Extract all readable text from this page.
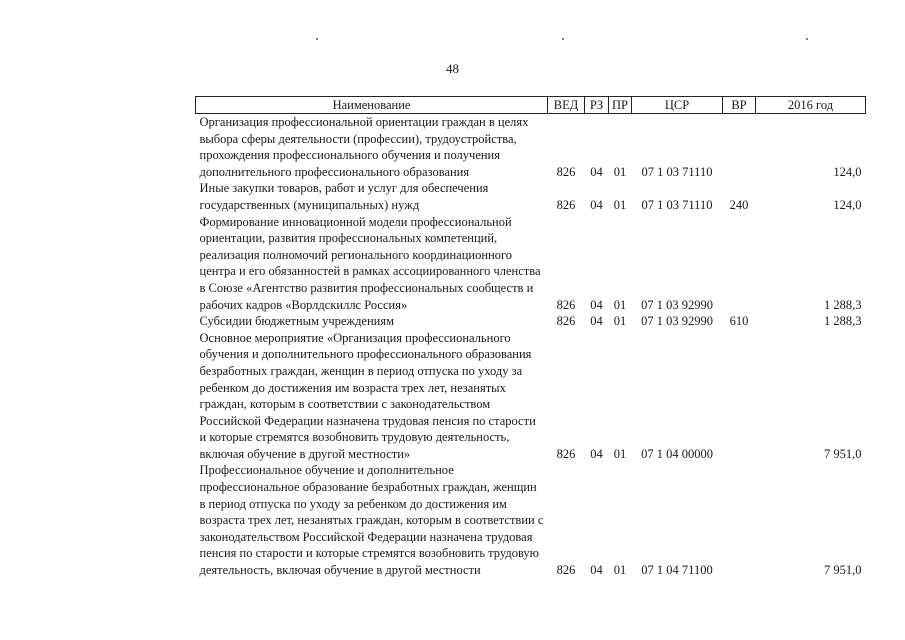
48
Наименование	ВЕД	РЗ	ПР	ЦСР	ВР	2016 год

Организация профессиональной ориентации граждан в целях выбора сферы деятельности (профессии), трудоустройства, прохождения профессионального обучения и получения дополнительного профессионального образования	826	04	01	07 1 03 71110		124,0

Иные закупки товаров, работ и услуг для обеспечения государственных (муниципальных) нужд	826	04	01	07 1 03 71110	240	124,0

Формирование инновационной модели профессиональной ориентации, развития профессиональных компетенций, реализация полномочий регионального координационного центра и его обязанностей в рамках ассоциированного членства в Союзе «Агентство развития профессиональных сообществ и рабочих кадров «Ворлдскиллс Россия»	826	04	01	07 1 03 92990		1 288,3

Субсидии бюджетным учреждениям	826	04	01	07 1 03 92990	610	1 288,3

Основное мероприятие «Организация профессионального обучения и дополнительного профессионального образования безработных граждан, женщин в период отпуска по уходу за ребенком до достижения им возраста трех лет, незанятых граждан, которым в соответствии с законодательством Российской Федерации назначена трудовая пенсия по старости и которые стремятся возобновить трудовую деятельность, включая обучение в другой местности»	826	04	01	07 1 04 00000		7 951,0

Профессиональное обучение и дополнительное профессиональное образование безработных граждан, женщин в период отпуска по уходу за ребенком до достижения им возраста трех лет, незанятых граждан, которым в соответствии с законодательством Российской Федерации назначена трудовая пенсия по старости и которые стремятся возобновить трудовую деятельность, включая обучение в другой местности	826	04	01	07 1 04 71100		7 951,0
